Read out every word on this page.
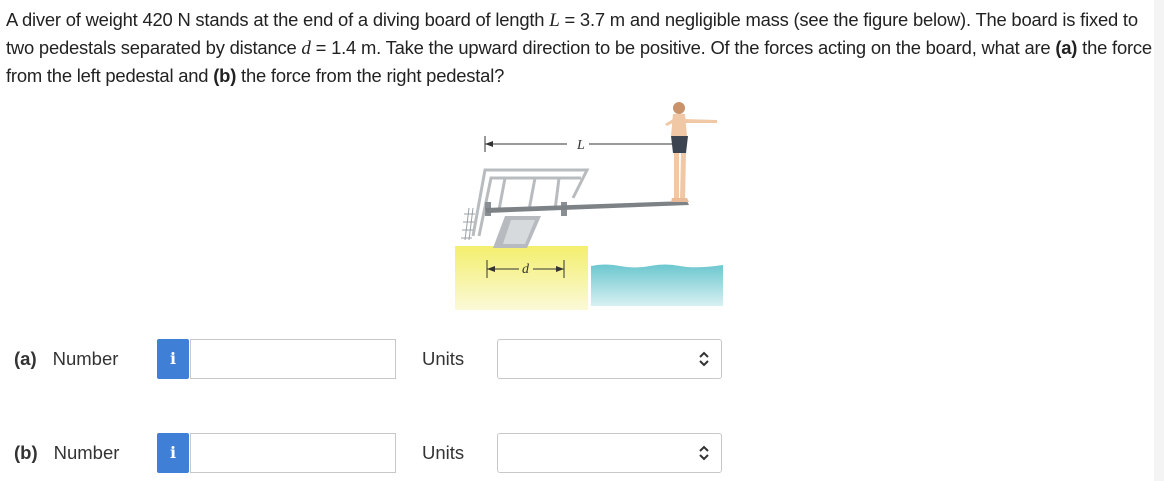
A diver of weight 420 N stands at the end of a diving board of length L = 3.7 m and negligible mass (see the figure below). The board is fixed to two pedestals separated by distance d = 1.4 m. Take the upward direction to be positive. Of the forces acting on the board, what are (a) the force from the left pedestal and (b) the force from the right pedestal?
L
d
(a) Number	i	Units
(b) Number	i	Units
